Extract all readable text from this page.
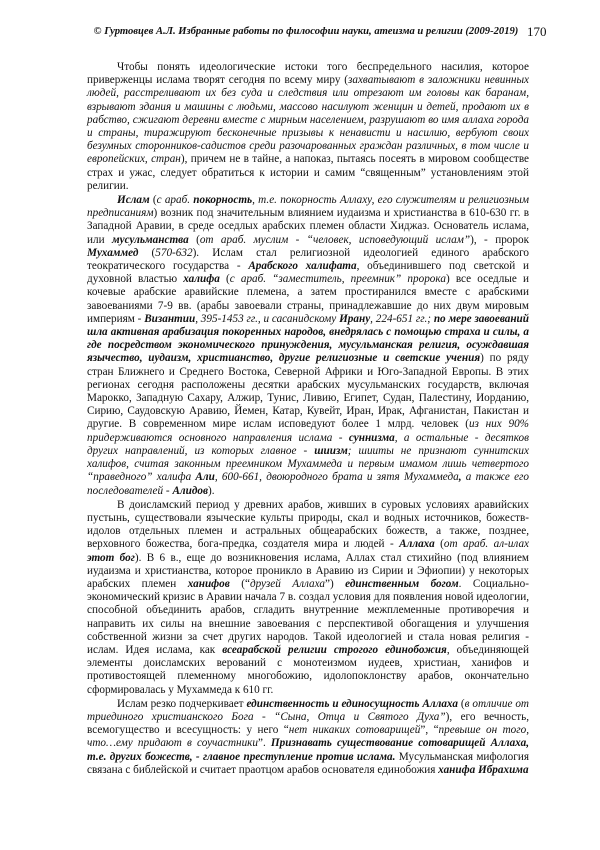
© Гуртовцев А.Л. Избранные работы по философии науки, атеизма и религии (2009-2019) 170

Чтобы понять идеологические истоки того беспредельного насилия, которое приверженцы ислама творят сегодня по всему миру (захватывают в заложники невинных людей, расстреливают их без суда и следствия или отрезают им головы как баранам, взрывают здания и машины с людьми, массово насилуют женщин и детей, продают их в рабство, сжигают деревни вместе с мирным населением, разрушают во имя аллаха города и страны, тиражируют бесконечные призывы к ненависти и насилию, вербуют своих безумных сторонников-садистов среди разочарованных граждан различных, в том числе и европейских, стран), причем не в тайне, а напоказ, пытаясь посеять в мировом сообществе страх и ужас, следует обратиться к истории и самим “священным” установлениям этой религии.

Ислам (с араб. покорность, т.е. покорность Аллаху, его служителям и религиозным предписаниям) возник под значительным влиянием иудаизма и христианства в 610-630 гг. в Западной Аравии, в среде оседлых арабских племен области Хиджаз. Основатель ислама, или мусульманства (от араб. муслим - “человек, исповедующий ислам”), - пророк Мухаммед (570-632). Ислам стал религиозной идеологией единого арабского теократического государства - Арабского халифата, объединившего под светской и духовной властью халифа (с араб. “заместитель, преемник” пророка) все оседлые и кочевые арабские аравийские племена, а затем простиранился вместе с арабскими завоеваниями 7-9 вв. (арабы завоевали страны, принадлежавшие до них двум мировым империям - Византии, 395-1453 гг., и сасанидскому Ирану, 224-651 гг.; по мере завоеваний шла активная арабизация покоренных народов, внедрялась с помощью страха и силы, а где посредством экономического принуждения, мусульманская религия, осуждавшая язычество, иудаизм, христианство, другие религиозные и светские учения) по ряду стран Ближнего и Среднего Востока, Северной Африки и Юго-Западной Европы. В этих регионах сегодня расположены десятки арабских мусульманских государств, включая Марокко, Западную Сахару, Алжир, Тунис, Ливию, Египет, Судан, Палестину, Иорданию, Сирию, Саудовскую Аравию, Йемен, Катар, Кувейт, Иран, Ирак, Афганистан, Пакистан и другие. В современном мире ислам исповедуют более 1 млрд. человек (из них 90% придерживаются основного направления ислама - суннизма, а остальные - десятков других направлений, из которых главное - шиизм; шииты не признают суннитских халифов, считая законным преемником Мухаммеда и первым имамом лишь четвертого “праведного” халифа Али, 600-661, двоюродного брата и зятя Мухаммеда, а также его последователей - Алидов).

В доисламский период у древних арабов, живших в суровых условиях аравийских пустынь, существовали языческие культы природы, скал и водных источников, божеств-идолов отдельных племен и астральных общеарабских божеств, а также, позднее, верховного божества, бога-предка, создателя мира и людей - Аллаха (от араб. ал-илах этот бог). В 6 в., еще до возникновения ислама, Аллах стал стихийно (под влиянием иудаизма и христианства, которое проникло в Аравию из Сирии и Эфиопии) у некоторых арабских племен ханифов (“друзей Аллаха”) единственным богом. Социально-экономический кризис в Аравии начала 7 в. создал условия для появления новой идеологии, способной объединить арабов, сгладить внутренние межплеменные противоречия и направить их силы на внешние завоевания с перспективой обогащения и улучшения собственной жизни за счет других народов. Такой идеологией и стала новая религия - ислам. Идея ислама, как всеарабской религии строгого единобожия, объединяющей элементы доисламских верований с монотеизмом иудеев, христиан, ханифов и противостоящей племенному многобожию, идолопоклонству арабов, окончательно сформировалась у Мухаммеда к 610 гг.

Ислам резко подчеркивает единственность и единосущность Аллаха (в отличие от триединого христианского Бога - “Сына, Отца и Святого Духа”), его вечность, всемогущество и всесущность: у него “нет никаких сотоварищей”, “превыше он того, что…ему придают в соучастники”. Признавать существование сотоварищей Аллаха, т.е. других божеств, - главное преступление против ислама. Мусульманская мифология связана с библейской и считает праотцом арабов основателя единобожия ханифа Ибрахима
